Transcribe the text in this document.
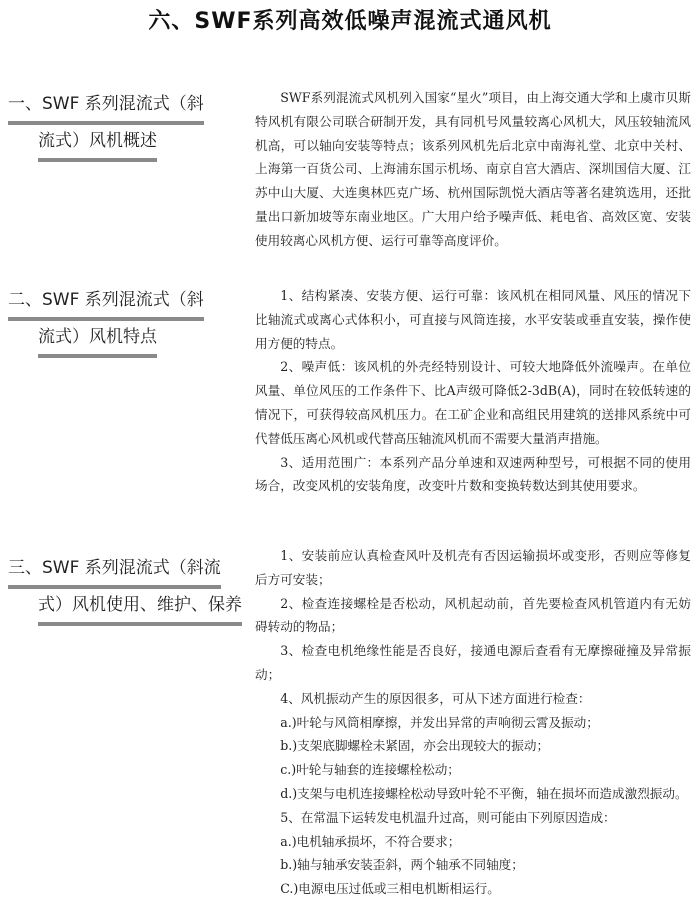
六、SWF系列高效低噪声混流式通风机
一、SWF 系列混流式（斜
流式）风机概述

SWF系列混流式风机列入国家“星火”项目，由上海交通大学和上虞市贝斯特风机有限公司联合研制开发，具有同机号风量较离心风机大，风压较轴流风机高，可以轴向安装等特点；该系列风机先后北京中南海礼堂、北京中关村、上海第一百货公司、上海浦东国示机场、南京自宫大酒店、深圳国信大厦、江苏中山大厦、大连奥林匹克广场、杭州国际凯悦大酒店等著名建筑选用，还批量出口新加坡等东南业地区。广大用户给予噪声低、耗电省、高效区宽、安装使用较离心风机方便、运行可靠等高度评价。

二、SWF 系列混流式（斜
流式）风机特点

1、结构紧凑、安装方便、运行可靠：该风机在相同风量、风压的情况下比轴流式或离心式体积小，可直接与风筒连接，水平安装或垂直安装，操作使用方便的特点。

2、噪声低：该风机的外壳经特别设计、可较大地降低外流噪声。在单位风量、单位风压的工作条件下、比A声级可降低2-3dB(A)，同时在较低转速的情况下，可获得较高风机压力。在工矿企业和高组民用建筑的送排风系统中可代替低压离心风机或代替高压轴流风机而不需要大量消声措施。

3、适用范围广：本系列产品分单速和双速两种型号，可根据不同的使用场合，改变风机的安装角度，改变叶片数和变换转数达到其使用要求。

三、SWF 系列混流式（斜流
式）风机使用、维护、保养

1、安装前应认真检查风叶及机壳有否因运输损坏或变形，否则应等修复后方可安装；

2、检查连接螺栓是否松动，风机起动前，首先要检查风机管道内有无妨碍转动的物品；

3、检查电机绝缘性能是否良好，接通电源后查看有无摩擦碰撞及异常振动；

4、风机振动产生的原因很多，可从下述方面进行检查：

a.)叶轮与风筒相摩擦，并发出异常的声响彻云霄及振动；

b.)支架底脚螺栓未紧固，亦会出现较大的振动；

c.)叶轮与轴套的连接螺栓松动；

d.)支架与电机连接螺栓松动导致叶轮不平衡，轴在损坏而造成激烈振动。

5、在常温下运转发电机温升过高，则可能由下列原因造成：

a.)电机轴承损坏，不符合要求；

b.)轴与轴承安装歪斜，两个轴承不同轴度；

C.)电源电压过低或三相电机断相运行。
